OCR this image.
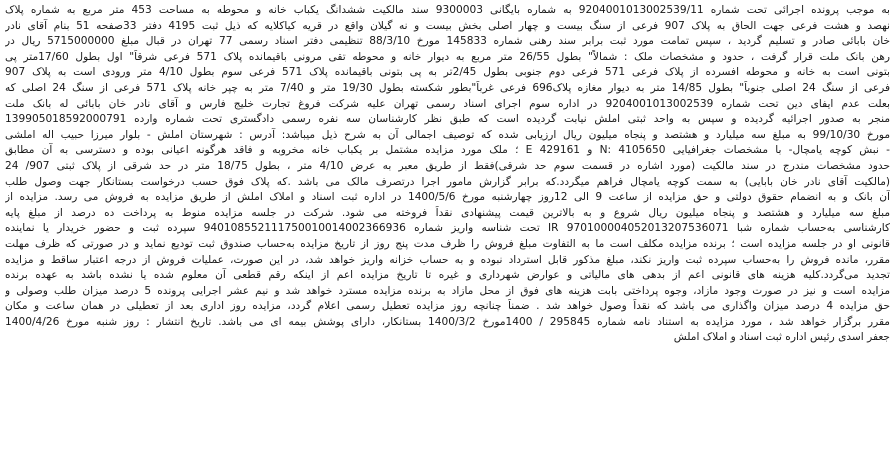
به موجب پرونده اجرائی تحت شماره 9204001013002539/11 به شماره بایگانی 9300003 سند مالکیت ششدانگ یکباب خانه و محوطه به مساحت 453 متر مربع به شماره پلاک
نهصد و هشت فرعی جهت الحاق به پلاک 907 فرعی از سنگ بیست و چهار اصلی بخش بیست و نه گیلان واقع در قریه کیاکلایه که ذیل ثبت 4195 دفتر 33صفحه 51 بنام آقای نادر
خان بابائی صادر و تسلیم گردید ، سپس تمامت مورد ثبت برابر سند رهنی شماره 145833 مورخ 88/3/10 تنظیمی دفتر اسناد رسمی 77 تهران در قبال مبلغ 5715000000 ریال در
رهن بانک ملت قرار گرفت ، حدود و مشخصات ملک : شمالاً" بطول 26/55 متر مربع به دیوار خانه و محوطه تقی مرونی باقیمانده پلاک 571 فرعی شرقاً" اول بطول 17/60متر پی
بتونی است به خانه و محوطه افسرده از پلاک فرعی 571 فرعی دوم جنوبی بطول 2/45تر به پی بتونی باقیمانده پلاک 571 فرعی سوم بطول 4/10 متر ورودی است به پلاک 907
فرعی از سنگ 24 اصلی جنوباً" بطول 14/85 متر به دیوار مغازه پلاک696 فرعی غرباً"بطور شکسته بطول 19/30 متر و 7/40 متر به چپر خانه پلاک 571 فرعی از سنگ 24 اصلی که
بعلت عدم ایفای دین تحت شماره 9204001013002539 در اداره سوم اجرای اسناد رسمی تهران علیه شرکت فروغ تجارت خلیج فارس و آقای نادر خان بابائی له بانک ملت
منجر به صدور اجرائیه گردیده و سپس به واحد ثبتی املش نیابت گردیده است که طبق نظر کارشناسان سه نفره رسمی دادگستری تحت شماره وارده 139905018592000791
مورخ 99/10/30 به مبلغ سه میلیارد و هشتصد و پنجاه میلیون ریال ارزیابی شده که توصیف اجمالی آن به شرح ذیل میباشد: آدرس : شهرستان املش - بلوار میرزا حبیب اله املشی
- نبش کوچه یامچال- با مشخصات جغرافیایی N: 4105650 و 429161 E ؛ ملک مورد مزایده مشتمل بر یکباب خانه مخروبه و فاقد هرگونه اعیانی بوده و دسترسی به آن مطابق
حدود مشخصات مندرج در سند مالکیت (مورد اشاره در قسمت سوم حد شرقی)فقط از طریق معبر به عرض 4/10 متر ، بطول 18/75 متر در حد شرقی از پلاک ثبتی 907/ 24
(مالکیت آقای نادر خان بابایی) به سمت کوچه یامچال فراهم میگردد.که برابر گزارش مامور اجرا درتصرف مالک می باشد .که پلاک فوق حسب درخواست بستانکار جهت وصول طلب
آن بانک و به انضمام حقوق دولتی و حق مزایده از ساعت 9 الی 12روز چهارشنبه مورخ 1400/5/6 در اداره ثبت اسناد و املاک املش از طریق مزایده به فروش می رسد. مزایده از
مبلغ سه میلیارد و هشتصد و پنجاه میلیون ریال شروع و به بالاترین قیمت پیشنهادی نقداً فروخته می شود. شرکت در جلسه مزایده منوط به پرداخت ده درصد از مبلغ پایه
کارشناسی به‌حساب شماره شبا IR 970100004052013207536071 تحت شناسه واریز شماره 940108552111750010014002366936 سپرده ثبت و حضور خریدار یا نماینده
قانونی او در جلسه مزایده است ؛ برنده مزایده مکلف است ما به التفاوت مبلغ فروش را ظرف مدت پنج روز از تاریخ مزایده به‌حساب صندوق ثبت تودیع نماید و در صورتی که ظرف مهلت
مقرر، مانده فروش را به‌حساب سپرده ثبت واریز نکند، مبلغ مذکور قابل استرداد نبوده و به حساب خزانه واریز خواهد شد، در این صورت، عملیات فروش از درجه اعتبار ساقط و مزایده
تجدید می‌گردد.کلیه هزینه های قانونی اعم از بدهی های مالیاتی و عوارض شهرداری و غیره تا تاریخ مزایده اعم از اینکه رقم قطعی آن معلوم شده یا نشده باشد به عهده برنده
مزایده است و نیز در صورت وجود مازاد، وجوه پرداختی بابت هزینه های فوق از محل مازاد به برنده مزایده مسترد خواهد شد و نیم عشر اجرایی پرونده 5 درصد میزان طلب وصولی و
حق مزایده 4 درصد میزان واگذاری می باشد که نقداً وصول خواهد شد . ضمناً چنانچه روز مزایده تعطیل رسمی اعلام گردد، مزایده روز اداری بعد از تعطیلی در همان ساعت و مکان
مقرر برگزار خواهد شد ، مورد مزایده به استناد نامه شماره 295845 / 1400مورخ 1400/3/2 بستانکار، دارای پوشش بیمه ای می باشد. تاریخ انتشار : روز شنبه مورخ 1400/4/26
جعفر اسدی رئیس اداره ثبت اسناد و املاک املش
